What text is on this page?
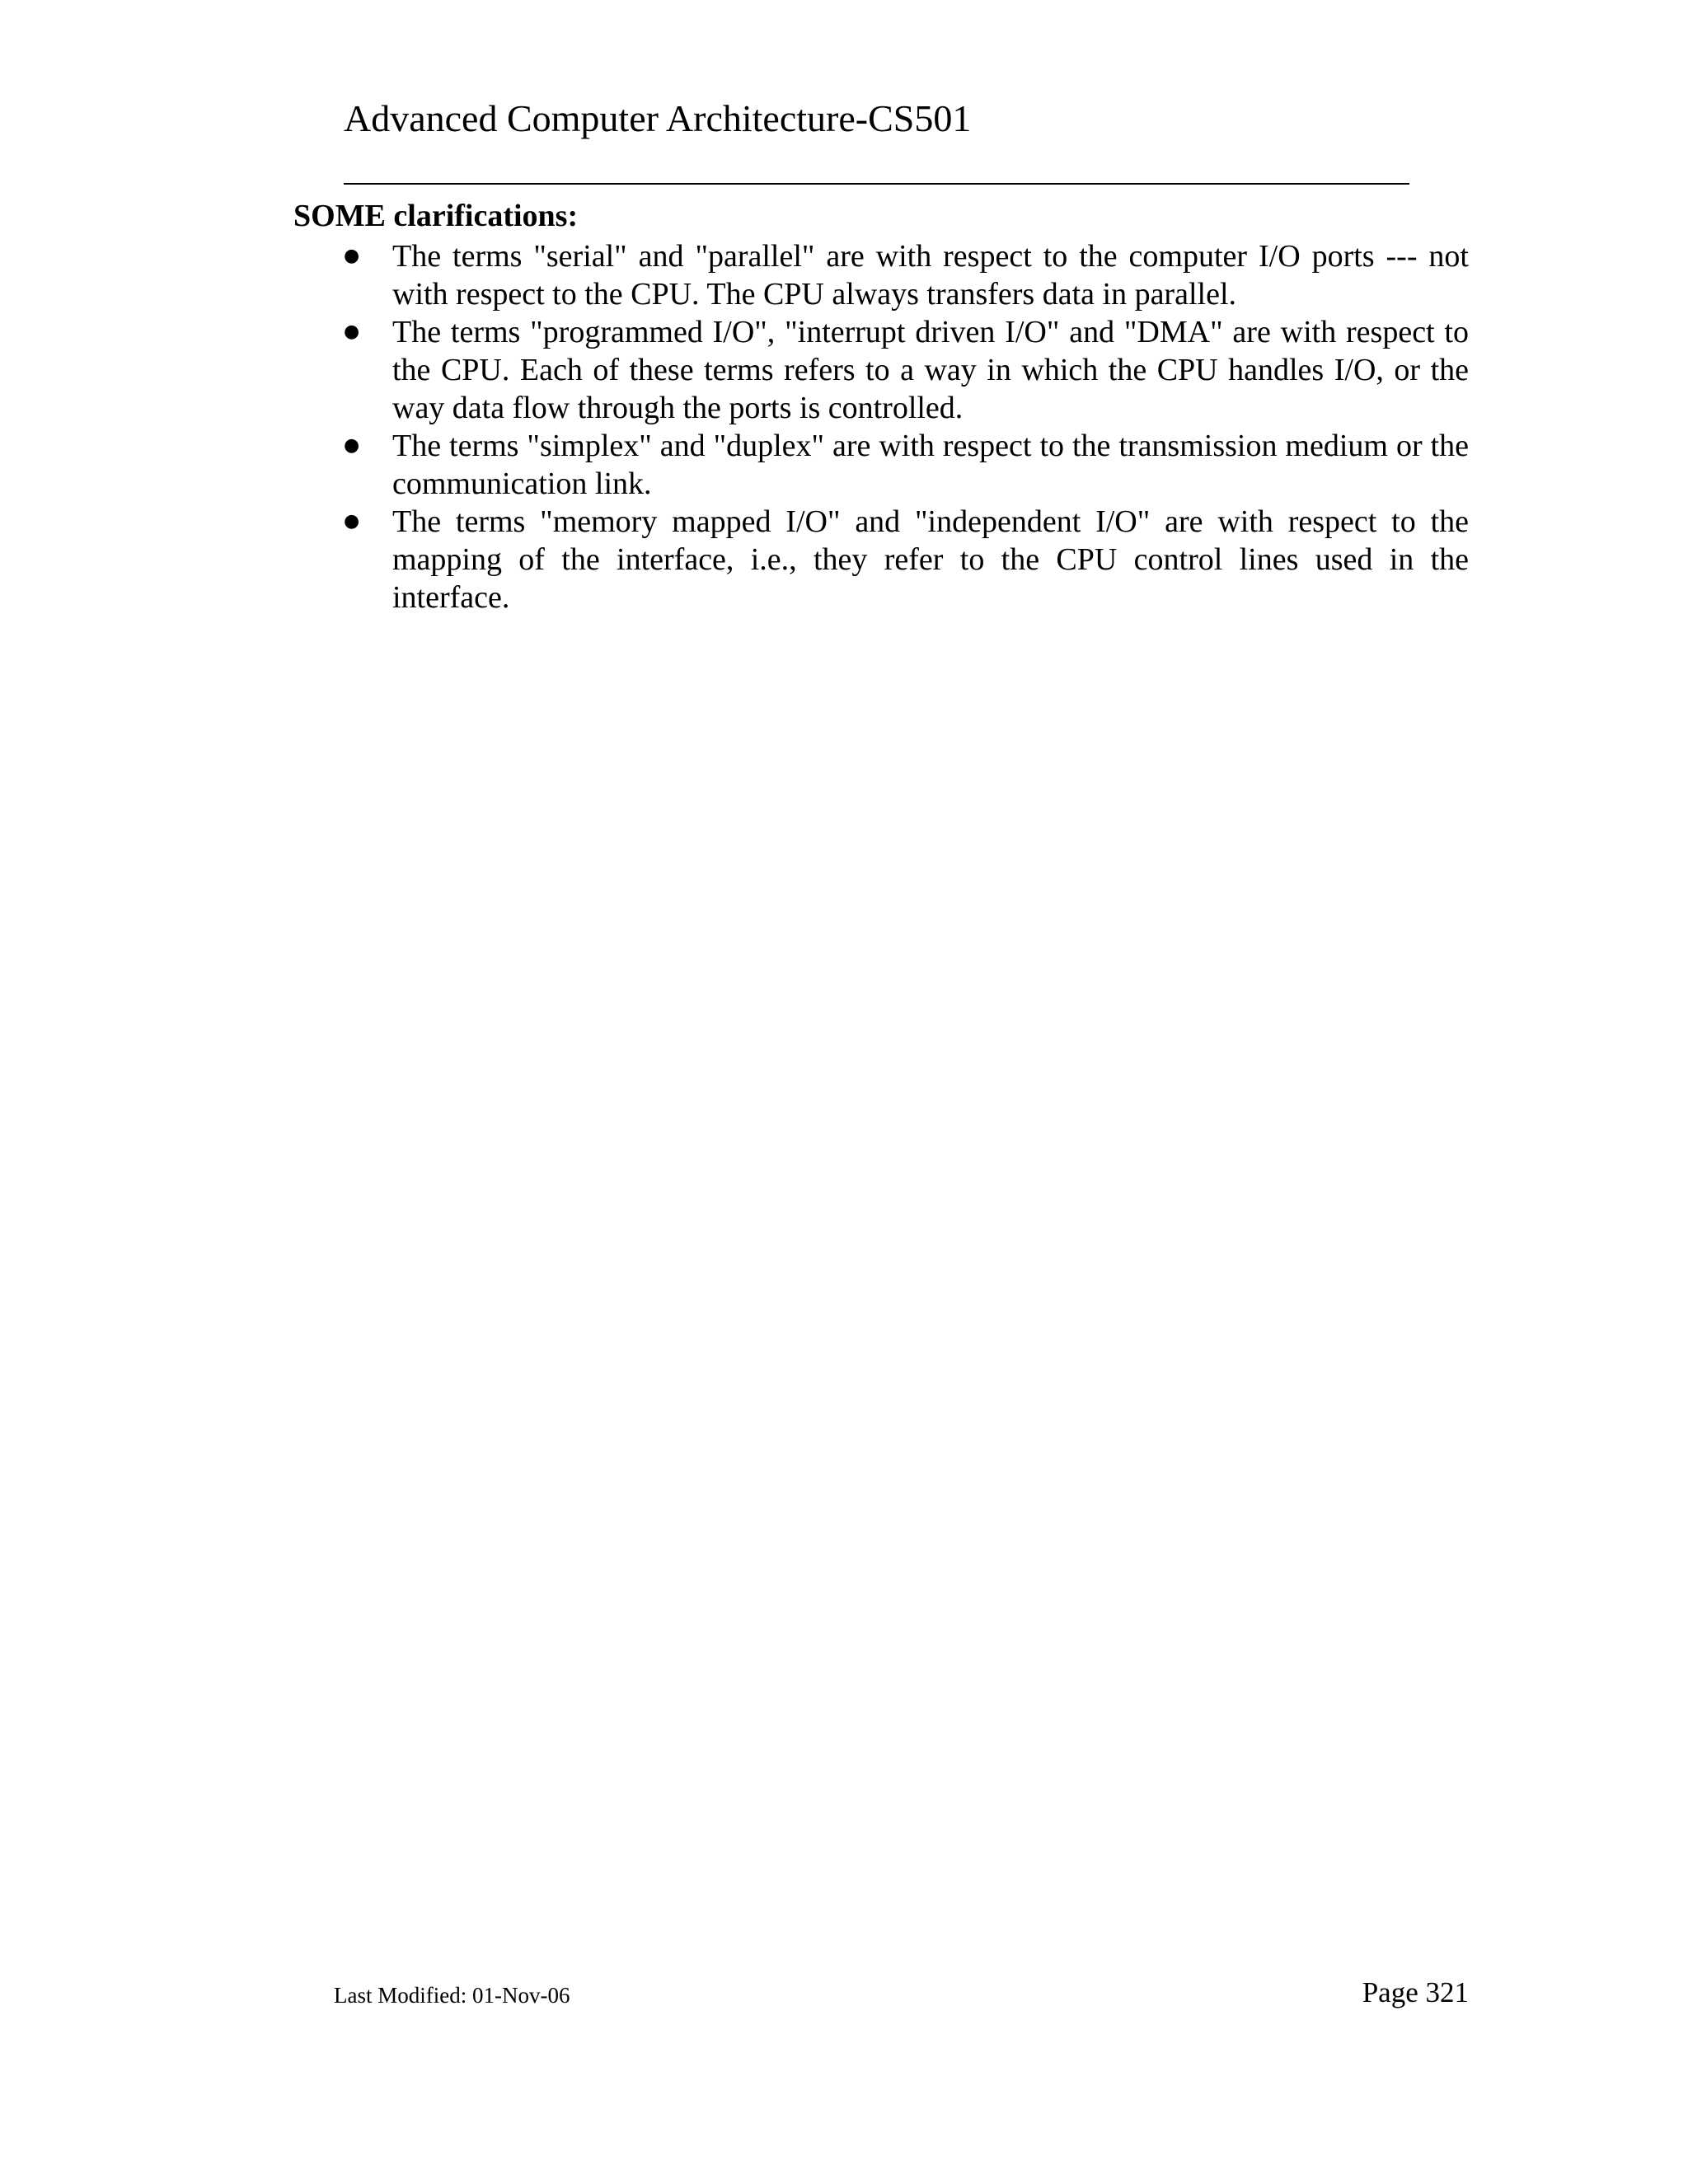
Advanced Computer Architecture-CS501
SOME clarifications:
● The terms "serial" and "parallel" are with respect to the computer I/O ports --- not with respect to the CPU. The CPU always transfers data in parallel.
● The terms "programmed I/O", "interrupt driven I/O" and "DMA" are with respect to the CPU. Each of these terms refers to a way in which the CPU handles I/O, or the way data flow through the ports is controlled.
● The terms "simplex" and "duplex" are with respect to the transmission medium or the communication link.
● The terms "memory mapped I/O" and "independent I/O" are with respect to the mapping of the interface, i.e., they refer to the CPU control lines used in the interface.
Last Modified: 01-Nov-06	Page 321
